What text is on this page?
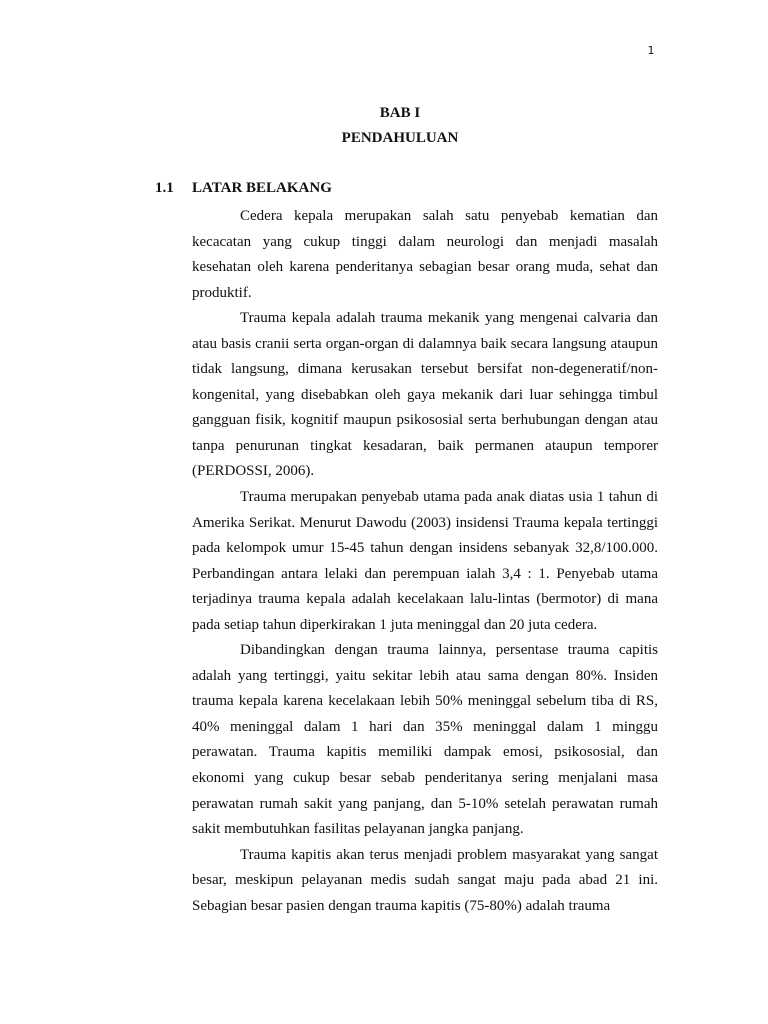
1
BAB I
PENDAHULUAN
1.1 LATAR BELAKANG

Cedera kepala merupakan salah satu penyebab kematian dan kecacatan yang cukup tinggi dalam neurologi dan menjadi masalah kesehatan oleh karena penderitanya sebagian besar orang muda, sehat dan produktif.

Trauma kepala adalah trauma mekanik yang mengenai calvaria dan atau basis cranii serta organ-organ di dalamnya baik secara langsung ataupun tidak langsung, dimana kerusakan tersebut bersifat non-degeneratif/non-kongenital, yang disebabkan oleh gaya mekanik dari luar sehingga timbul gangguan fisik, kognitif maupun psikososial serta berhubungan dengan atau tanpa penurunan tingkat kesadaran, baik permanen ataupun temporer (PERDOSSI, 2006).

Trauma merupakan penyebab utama pada anak diatas usia 1 tahun di Amerika Serikat. Menurut Dawodu (2003) insidensi Trauma kepala tertinggi pada kelompok umur 15-45 tahun dengan insidens sebanyak 32,8/100.000. Perbandingan antara lelaki dan perempuan ialah 3,4 : 1. Penyebab utama terjadinya trauma kepala adalah kecelakaan lalu-lintas (bermotor) di mana pada setiap tahun diperkirakan 1 juta meninggal dan 20 juta cedera.

Dibandingkan dengan trauma lainnya, persentase trauma capitis adalah yang tertinggi, yaitu sekitar lebih atau sama dengan 80%. Insiden trauma kepala karena kecelakaan lebih 50% meninggal sebelum tiba di RS, 40% meninggal dalam 1 hari dan 35% meninggal dalam 1 minggu perawatan. Trauma kapitis memiliki dampak emosi, psikososial, dan ekonomi yang cukup besar sebab penderitanya sering menjalani masa perawatan rumah sakit yang panjang, dan 5-10% setelah perawatan rumah sakit membutuhkan fasilitas pelayanan jangka panjang.

Trauma kapitis akan terus menjadi problem masyarakat yang sangat besar, meskipun pelayanan medis sudah sangat maju pada abad 21 ini. Sebagian besar pasien dengan trauma kapitis (75-80%) adalah trauma
